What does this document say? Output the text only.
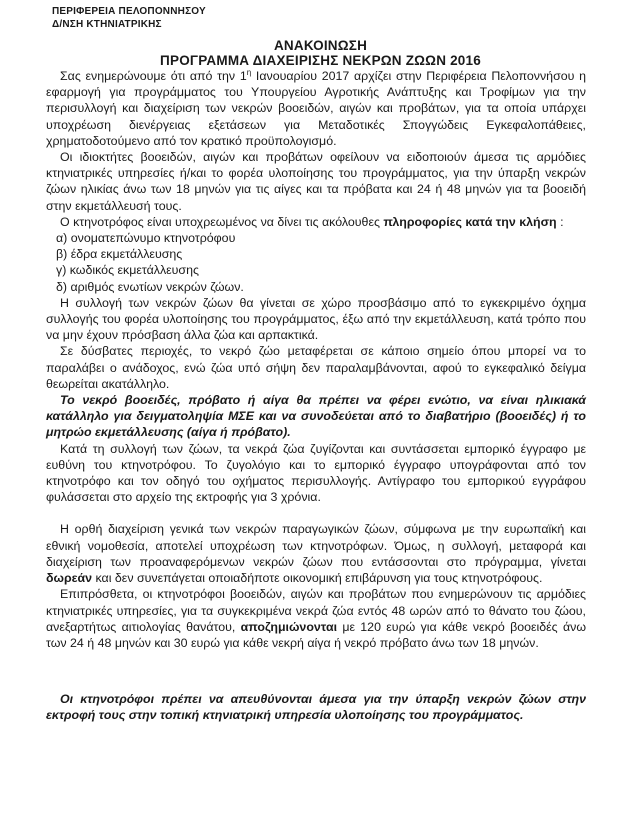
ΠΕΡΙΦΕΡΕΙΑ ΠΕΛΟΠΟΝΝΗΣΟΥ
Δ/ΝΣΗ ΚΤΗΝΙΑΤΡΙΚΗΣ
ΑΝΑΚΟΙΝΩΣΗ
ΠΡΟΓΡΑΜΜΑ ΔΙΑΧΕΙΡΙΣΗΣ ΝΕΚΡΩΝ ΖΩΩΝ 2016

Σας ενημερώνουμε ότι από την $1^\eta$ Ιανουαρίου 2017 αρχίζει στην Περιφέρεια Πελοποννήσου η εφαρμογή για προγράμματος του Υπουργείου Αγροτικής Ανάπτυξης και Τροφίμων για την περισυλλογή και διαχείριση των νεκρών βοοειδών, αιγών και προβάτων, για τα οποία υπάρχει υποχρέωση διενέργειας εξετάσεων για Μεταδοτικές Σπογγώδεις Εγκεφαλοπάθειες, χρηματοδοτούμενο από τον κρατικό προϋπολογισμό.

Οι ιδιοκτήτες βοοειδών, αιγών και προβάτων οφείλουν να ειδοποιούν άμεσα τις αρμόδιες κτηνιατρικές υπηρεσίες ή/και το φορέα υλοποίησης του προγράμματος, για την ύπαρξη νεκρών ζώων ηλικίας άνω των 18 μηνών για τις αίγες και τα πρόβατα και 24 ή 48 μηνών για τα βοοειδή στην εκμετάλλευσή τους.

Ο κτηνοτρόφος είναι υποχρεωμένος να δίνει τις ακόλουθες πληροφορίες κατά την κλήση :

α) ονοματεπώνυμο κτηνοτρόφου
β) έδρα εκμετάλλευσης
γ) κωδικός εκμετάλλευσης
δ) αριθμός ενωτίων νεκρών ζώων.

Η συλλογή των νεκρών ζώων θα γίνεται σε χώρο προσβάσιμο από το εγκεκριμένο όχημα συλλογής του φορέα υλοποίησης του προγράμματος, έξω από την εκμετάλλευση, κατά τρόπο που να μην έχουν πρόσβαση άλλα ζώα και αρπακτικά.

Σε δύσβατες περιοχές, το νεκρό ζώο μεταφέρεται σε κάποιο σημείο όπου μπορεί να το παραλάβει ο ανάδοχος, ενώ ζώα υπό σήψη δεν παραλαμβάνονται, αφού το εγκεφαλικό δείγμα θεωρείται ακατάλληλο.

Το νεκρό βοοειδές, πρόβατο ή αίγα θα πρέπει να φέρει ενώτιο, να είναι ηλικιακά κατάλληλο για δειγματοληψία ΜΣΕ και να συνοδεύεται από το διαβατήριο (βοοειδές) ή το μητρώο εκμετάλλευσης (αίγα ή πρόβατο).

Κατά τη συλλογή των ζώων, τα νεκρά ζώα ζυγίζονται και συντάσσεται εμπορικό έγγραφο με ευθύνη του κτηνοτρόφου. Το ζυγολόγιο και το εμπορικό έγγραφο υπογράφονται από τον κτηνοτρόφο και τον οδηγό του οχήματος περισυλλογής. Αντίγραφο του εμπορικού εγγράφου φυλάσσεται στο αρχείο της εκτροφής για 3 χρόνια.

Η ορθή διαχείριση γενικά των νεκρών παραγωγικών ζώων, σύμφωνα με την ευρωπαϊκή και εθνική νομοθεσία, αποτελεί υποχρέωση των κτηνοτρόφων. Όμως, η συλλογή, μεταφορά και διαχείριση των προαναφερόμενων νεκρών ζώων που εντάσσονται στο πρόγραμμα, γίνεται δωρεάν και δεν συνεπάγεται οποιαδήποτε οικονομική επιβάρυνση για τους κτηνοτρόφους.

Επιπρόσθετα, οι κτηνοτρόφοι βοοειδών, αιγών και προβάτων που ενημερώνουν τις αρμόδιες κτηνιατρικές υπηρεσίες, για τα συγκεκριμένα νεκρά ζώα εντός 48 ωρών από το θάνατο του ζώου, ανεξαρτήτως αιτιολογίας θανάτου, αποζημιώνονται με 120 ευρώ για κάθε νεκρό βοοειδές άνω των 24 ή 48 μηνών και 30 ευρώ για κάθε νεκρή αίγα ή νεκρό πρόβατο άνω των 18 μηνών.

Οι κτηνοτρόφοι πρέπει να απευθύνονται άμεσα για την ύπαρξη νεκρών ζώων στην εκτροφή τους στην τοπική κτηνιατρική υπηρεσία υλοποίησης του προγράμματος.
